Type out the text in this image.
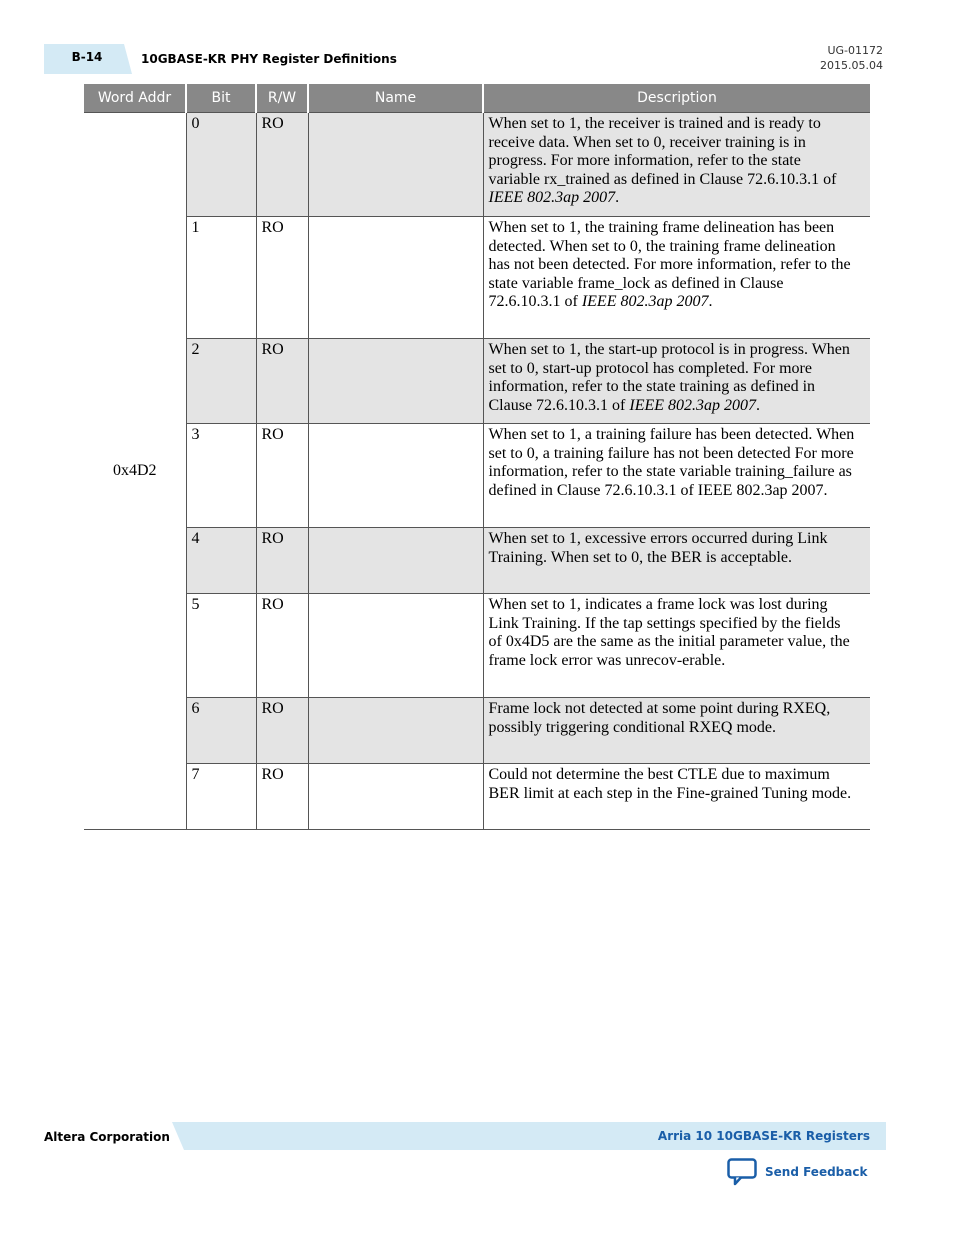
B-14	10GBASE-KR PHY Register Definitions
UG-01172
2015.05.04
Word Addr	Bit	R/W	Name	Description
0x4D2	0	RO		When set to 1, the receiver is trained and is ready to receive data. When set to 0, receiver training is in progress. For more information, refer to the state variable rx_trained as defined in Clause 72.6.10.3.1 of IEEE 802.3ap 2007.
	1	RO		When set to 1, the training frame delineation has been detected. When set to 0, the training frame delineation has not been detected. For more information, refer to the state variable frame_lock as defined in Clause 72.6.10.3.1 of IEEE 802.3ap 2007.
	2	RO		When set to 1, the start-up protocol is in progress. When set to 0, start-up protocol has completed. For more information, refer to the state training as defined in Clause 72.6.10.3.1 of IEEE 802.3ap 2007.
	3	RO		When set to 1, a training failure has been detected. When set to 0, a training failure has not been detected For more information, refer to the state variable training_failure as defined in Clause 72.6.10.3.1 of IEEE 802.3ap 2007.
	4	RO		When set to 1, excessive errors occurred during Link Training. When set to 0, the BER is acceptable.
	5	RO		When set to 1, indicates a frame lock was lost during Link Training. If the tap settings specified by the fields of 0x4D5 are the same as the initial parameter value, the frame lock error was unrecov-erable.
	6	RO		Frame lock not detected at some point during RXEQ, possibly triggering conditional RXEQ mode.
	7	RO		Could not determine the best CTLE due to maximum BER limit at each step in the Fine-grained Tuning mode.
Altera Corporation	Arria 10 10GBASE-KR Registers
Send Feedback
